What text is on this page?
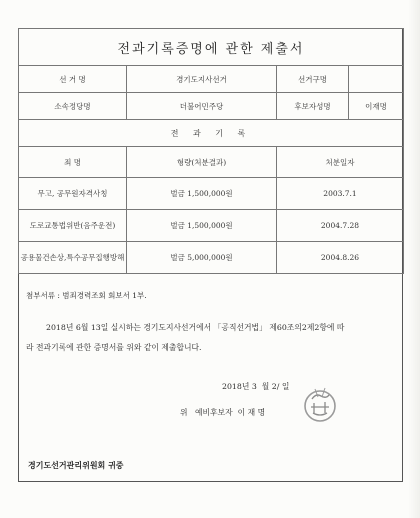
전과기록증명에 관한 제출서			
선 거 명	경기도지사선거	선거구명	
소속정당명	더불어민주당	후보자성명	이재명
전 과 기 록			
죄 명	형량(처분결과)	처분일자	
무고, 공무원자격사칭	벌금 1,500,000원	2003.7.1	
도로교통법위반(음주운전)	벌금 1,500,000원	2004.7.28	
공용물건손상,특수공무집행방해	벌금 5,000,000원	2004.8.26	
첨부서류 : 범죄경력조회 회보서 1부.
2018년 6월 13일 실시하는 경기도지사선거에서 「공직선거법」 제60조의2제2항에 따
라 전과기록에 관한 증명서를 위와 같이 제출합니다.
2018년 3  월 2/ 일
위   예비후보자  이 재 명
경기도선거관리위원회 귀중
